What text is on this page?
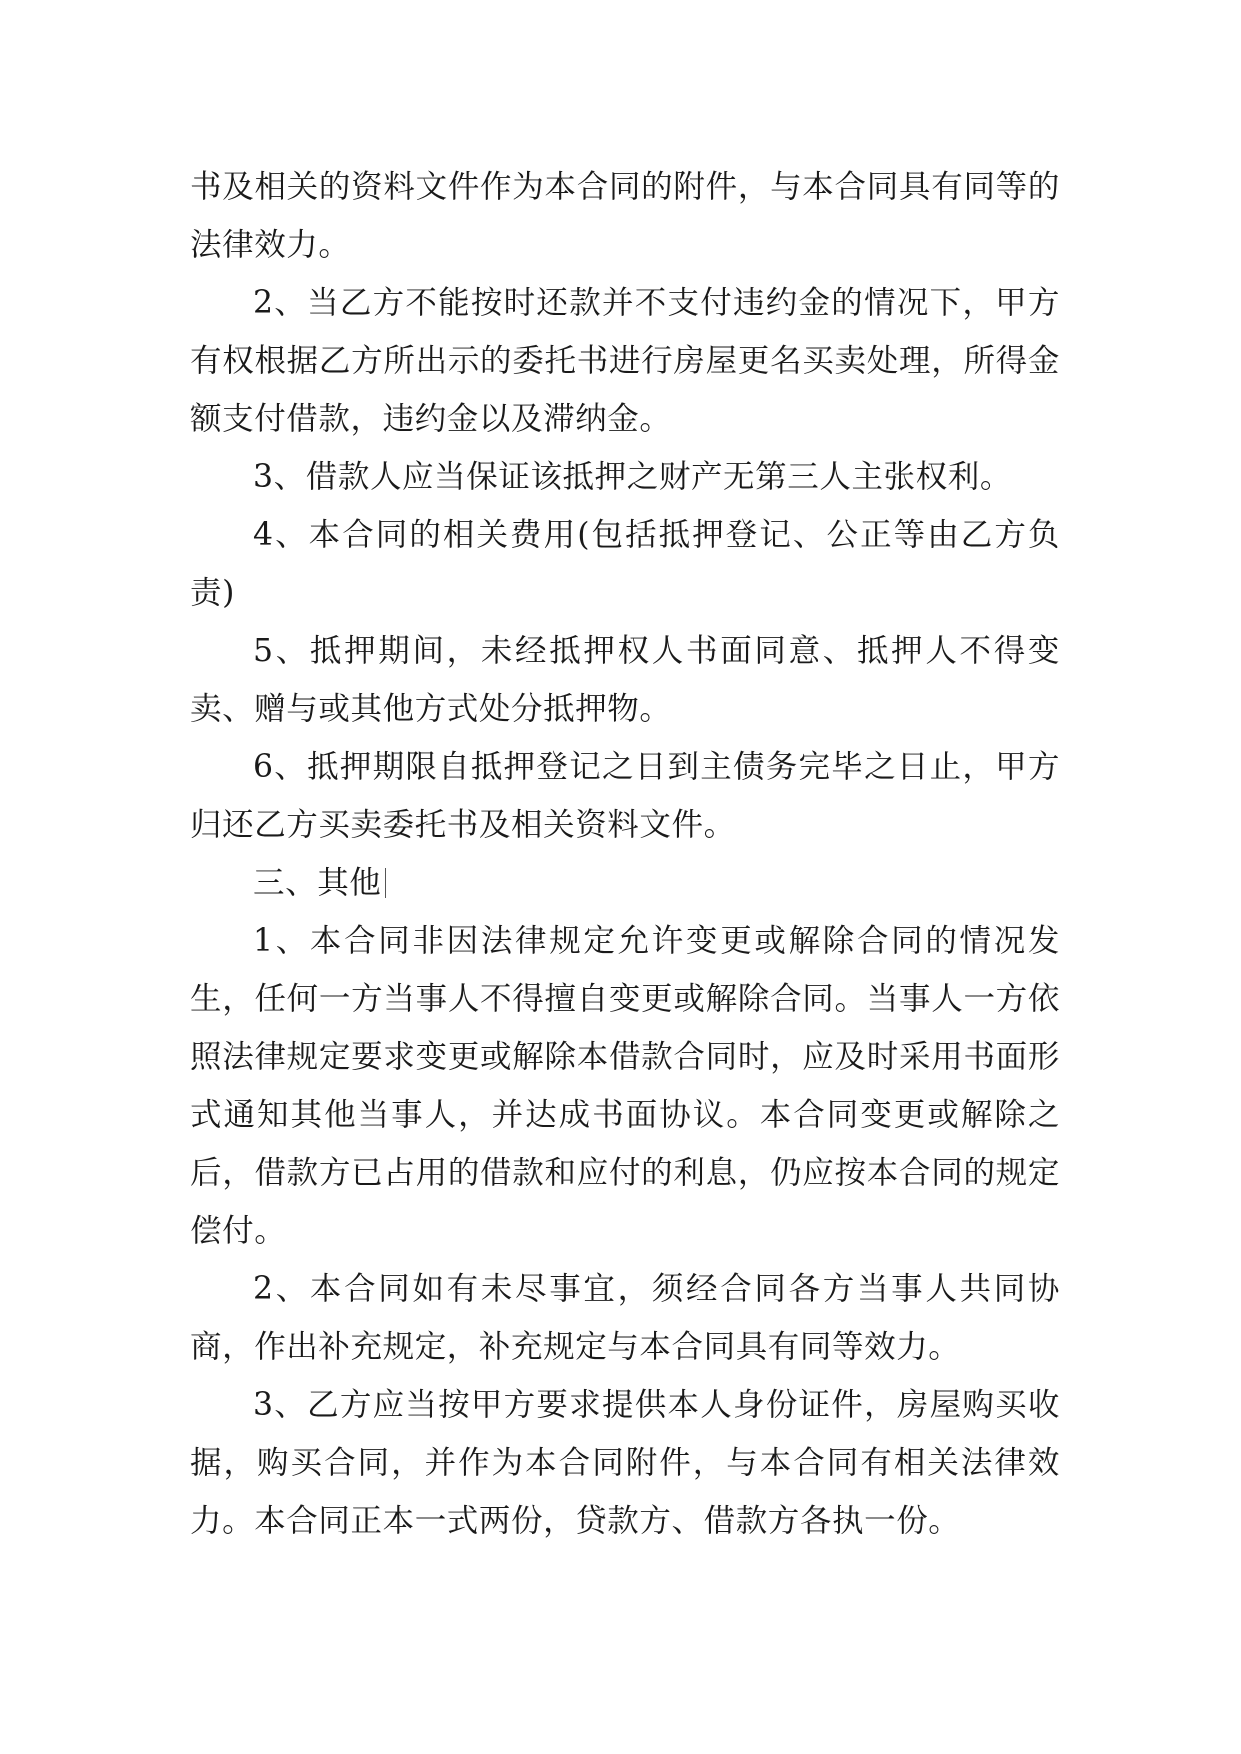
书及相关的资料文件作为本合同的附件，与本合同具有同等的法律效力。

2、当乙方不能按时还款并不支付违约金的情况下，甲方有权根据乙方所出示的委托书进行房屋更名买卖处理，所得金额支付借款，违约金以及滞纳金。

3、借款人应当保证该抵押之财产无第三人主张权利。

4、本合同的相关费用(包括抵押登记、公正等由乙方负责)

5、抵押期间，未经抵押权人书面同意、抵押人不得变卖、赠与或其他方式处分抵押物。

6、抵押期限自抵押登记之日到主债务完毕之日止，甲方归还乙方买卖委托书及相关资料文件。

三、其他

1、本合同非因法律规定允许变更或解除合同的情况发生，任何一方当事人不得擅自变更或解除合同。当事人一方依照法律规定要求变更或解除本借款合同时，应及时采用书面形式通知其他当事人，并达成书面协议。本合同变更或解除之后，借款方已占用的借款和应付的利息，仍应按本合同的规定偿付。

2、本合同如有未尽事宜，须经合同各方当事人共同协商，作出补充规定，补充规定与本合同具有同等效力。

3、乙方应当按甲方要求提供本人身份证件，房屋购买收据，购买合同，并作为本合同附件，与本合同有相关法律效力。本合同正本一式两份，贷款方、借款方各执一份。
